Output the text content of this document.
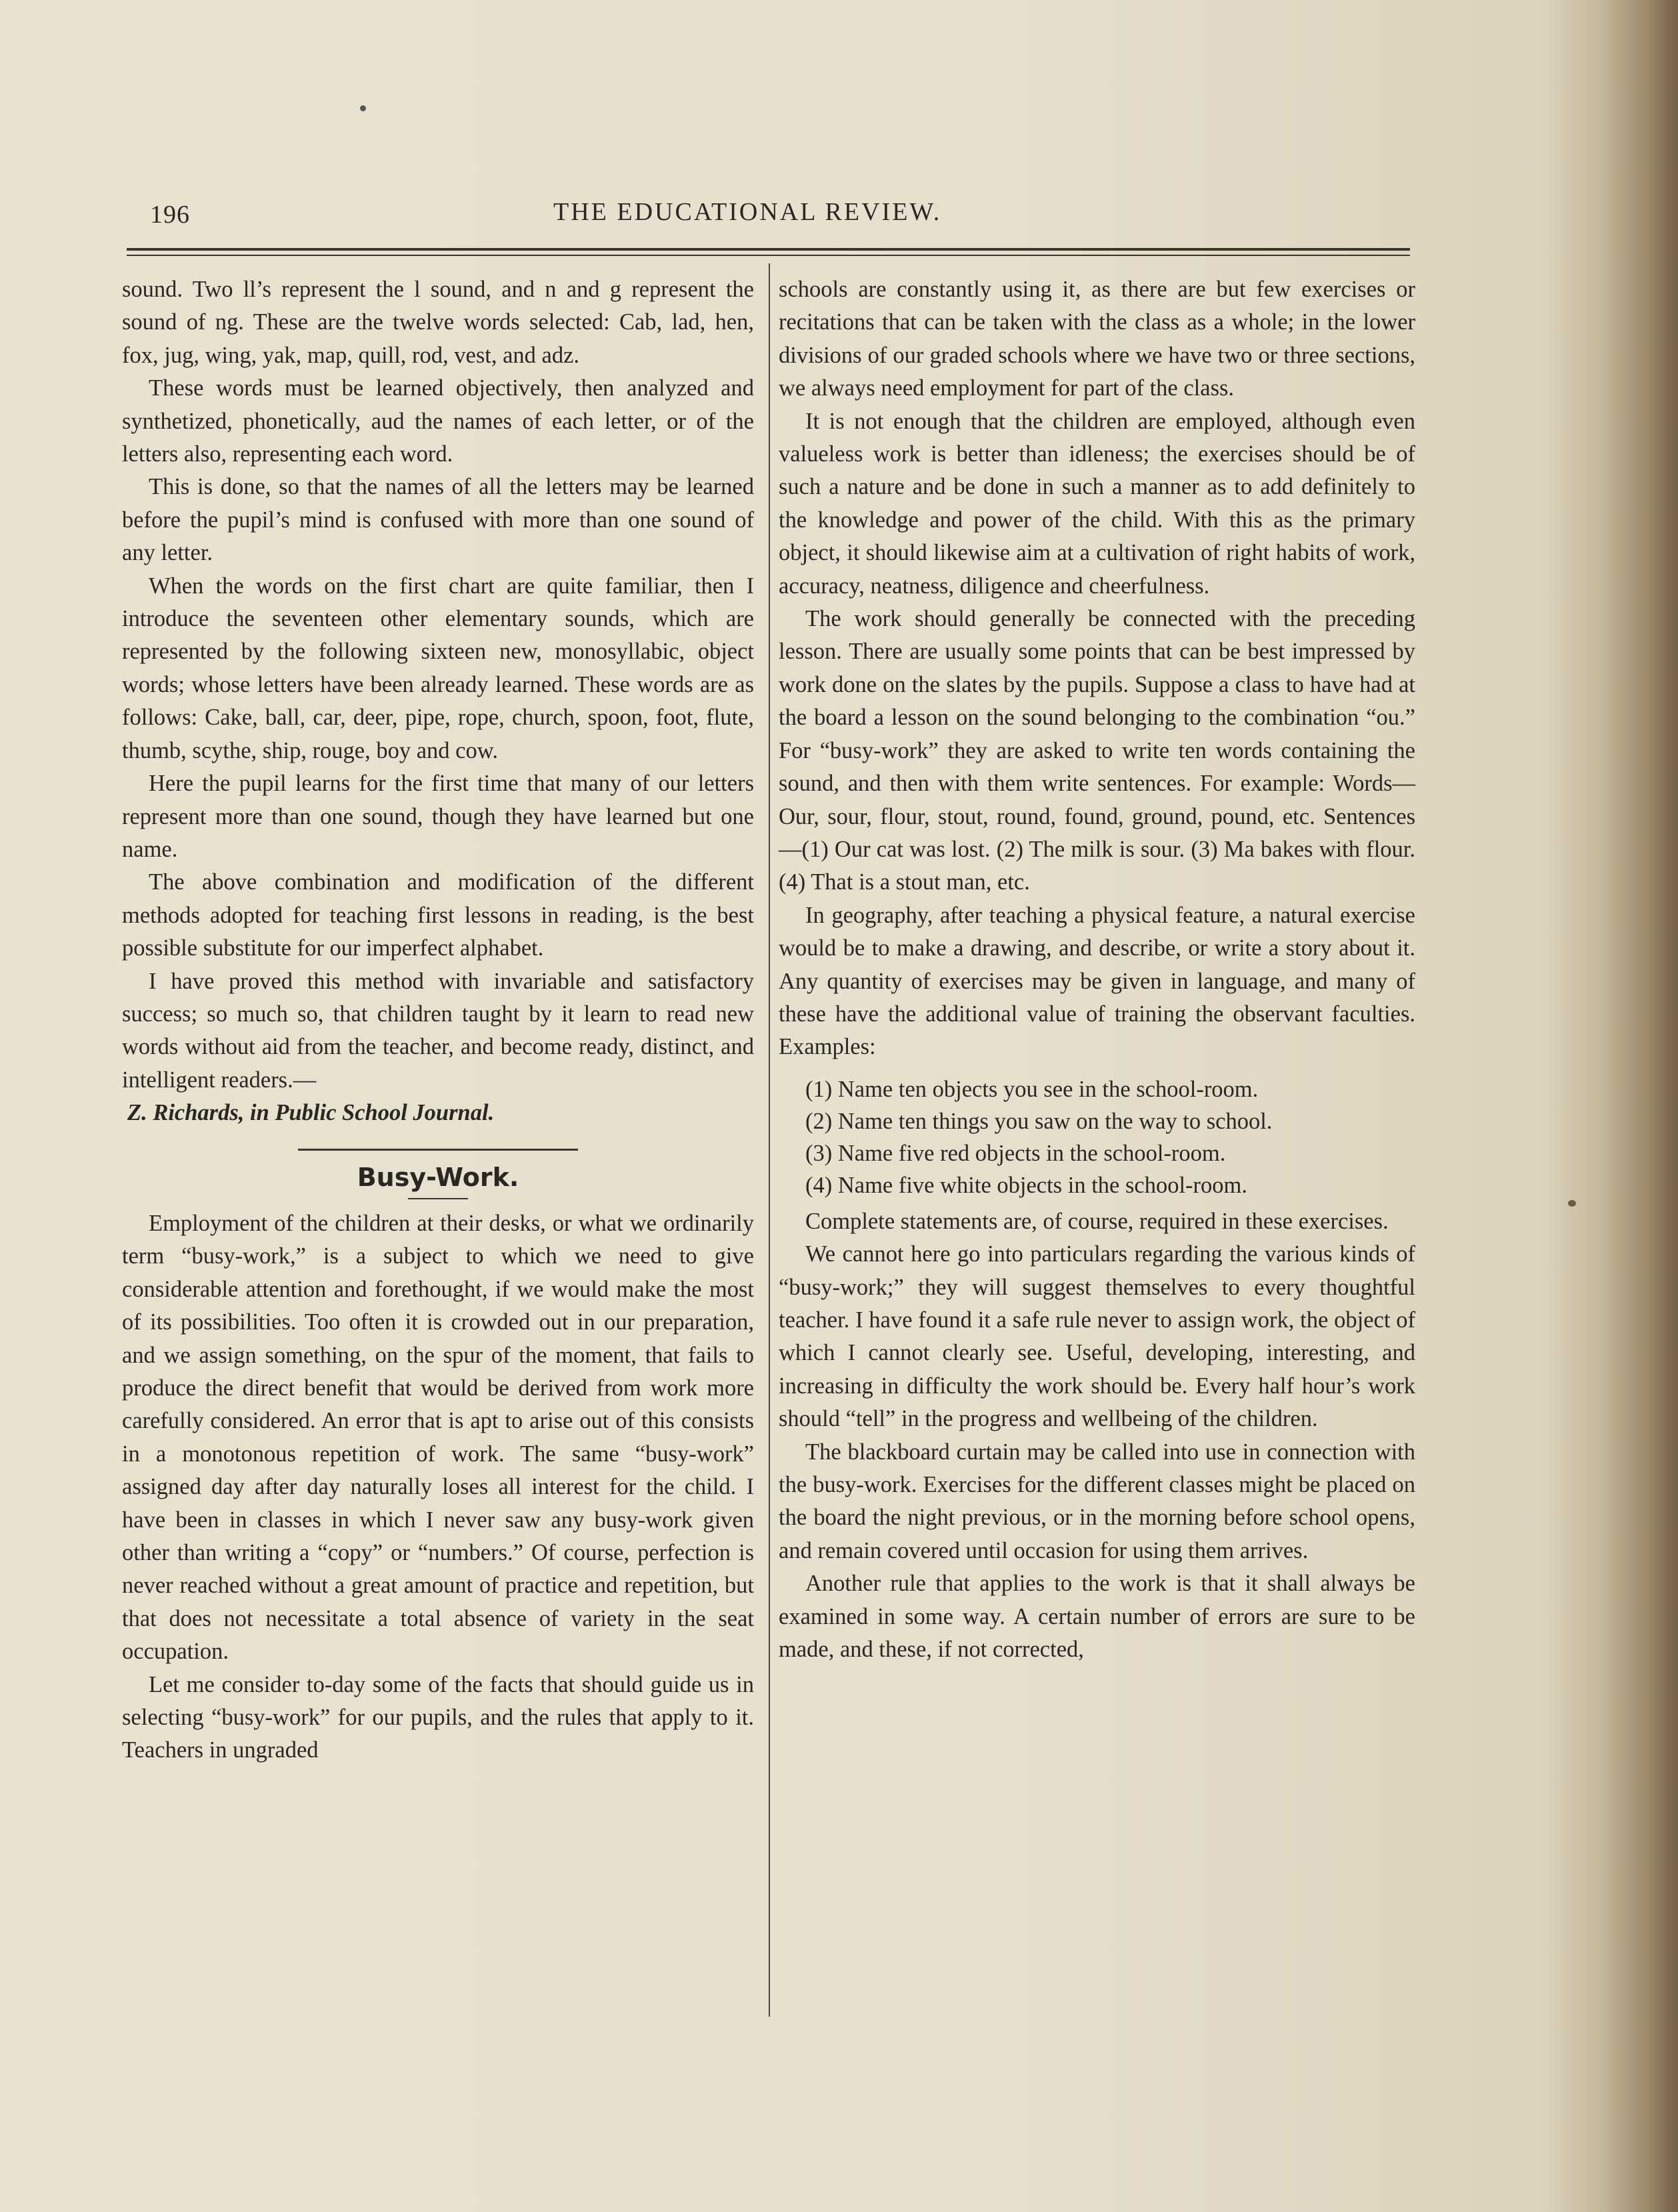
196	THE EDUCATIONAL REVIEW.

sound. Two ll’s represent the l sound, and n and g represent the sound of ng. These are the twelve words selected: Cab, lad, hen, fox, jug, wing, yak, map, quill, rod, vest, and adz.

These words must be learned objectively, then analyzed and synthetized, phonetically, aud the names of each letter, or of the letters also, representing each word.

This is done, so that the names of all the letters may be learned before the pupil’s mind is confused with more than one sound of any letter.

When the words on the first chart are quite familiar, then I introduce the seventeen other elementary sounds, which are represented by the following sixteen new, monosyllabic, object words; whose letters have been already learned. These words are as follows: Cake, ball, car, deer, pipe, rope, church, spoon, foot, flute, thumb, scythe, ship, rouge, boy and cow.

Here the pupil learns for the first time that many of our letters represent more than one sound, though they have learned but one name.

The above combination and modification of the different methods adopted for teaching first lessons in reading, is the best possible substitute for our imperfect alphabet.

I have proved this method with invariable and satisfactory success; so much so, that children taught by it learn to read new words without aid from the teacher, and become ready, distinct, and intelligent readers.—

Z. Richards, in Public School Journal.

Busy-Work.

Employment of the children at their desks, or what we ordinarily term “busy-work,” is a subject to which we need to give considerable attention and forethought, if we would make the most of its possibilities. Too often it is crowded out in our preparation, and we assign something, on the spur of the moment, that fails to produce the direct benefit that would be derived from work more carefully considered. An error that is apt to arise out of this consists in a monotonous repetition of work. The same “busy-work” assigned day after day naturally loses all interest for the child. I have been in classes in which I never saw any busy-work given other than writing a “copy” or “numbers.” Of course, perfection is never reached without a great amount of practice and repetition, but that does not necessitate a total absence of variety in the seat occupation.

Let me consider to-day some of the facts that should guide us in selecting “busy-work” for our pupils, and the rules that apply to it. Teachers in ungraded

schools are constantly using it, as there are but few exercises or recitations that can be taken with the class as a whole; in the lower divisions of our graded schools where we have two or three sections, we always need employment for part of the class.

It is not enough that the children are employed, although even valueless work is better than idleness; the exercises should be of such a nature and be done in such a manner as to add definitely to the knowledge and power of the child. With this as the primary object, it should likewise aim at a cultivation of right habits of work, accuracy, neatness, diligence and cheerfulness.

The work should generally be connected with the preceding lesson. There are usually some points that can be best impressed by work done on the slates by the pupils. Suppose a class to have had at the board a lesson on the sound belonging to the combination “ou.” For “busy-work” they are asked to write ten words containing the sound, and then with them write sentences. For example: Words—Our, sour, flour, stout, round, found, ground, pound, etc. Sentences—(1) Our cat was lost. (2) The milk is sour. (3) Ma bakes with flour. (4) That is a stout man, etc.

In geography, after teaching a physical feature, a natural exercise would be to make a drawing, and describe, or write a story about it. Any quantity of exercises may be given in language, and many of these have the additional value of training the observant faculties. Examples:

(1) Name ten objects you see in the school-room.
(2) Name ten things you saw on the way to school.
(3) Name five red objects in the school-room.
(4) Name five white objects in the school-room.

Complete statements are, of course, required in these exercises.

We cannot here go into particulars regarding the various kinds of “busy-work;” they will suggest themselves to every thoughtful teacher. I have found it a safe rule never to assign work, the object of which I cannot clearly see. Useful, developing, interesting, and increasing in difficulty the work should be. Every half hour’s work should “tell” in the progress and wellbeing of the children.

The blackboard curtain may be called into use in connection with the busy-work. Exercises for the different classes might be placed on the board the night previous, or in the morning before school opens, and remain covered until occasion for using them arrives.

Another rule that applies to the work is that it shall always be examined in some way. A certain number of errors are sure to be made, and these, if not corrected,
